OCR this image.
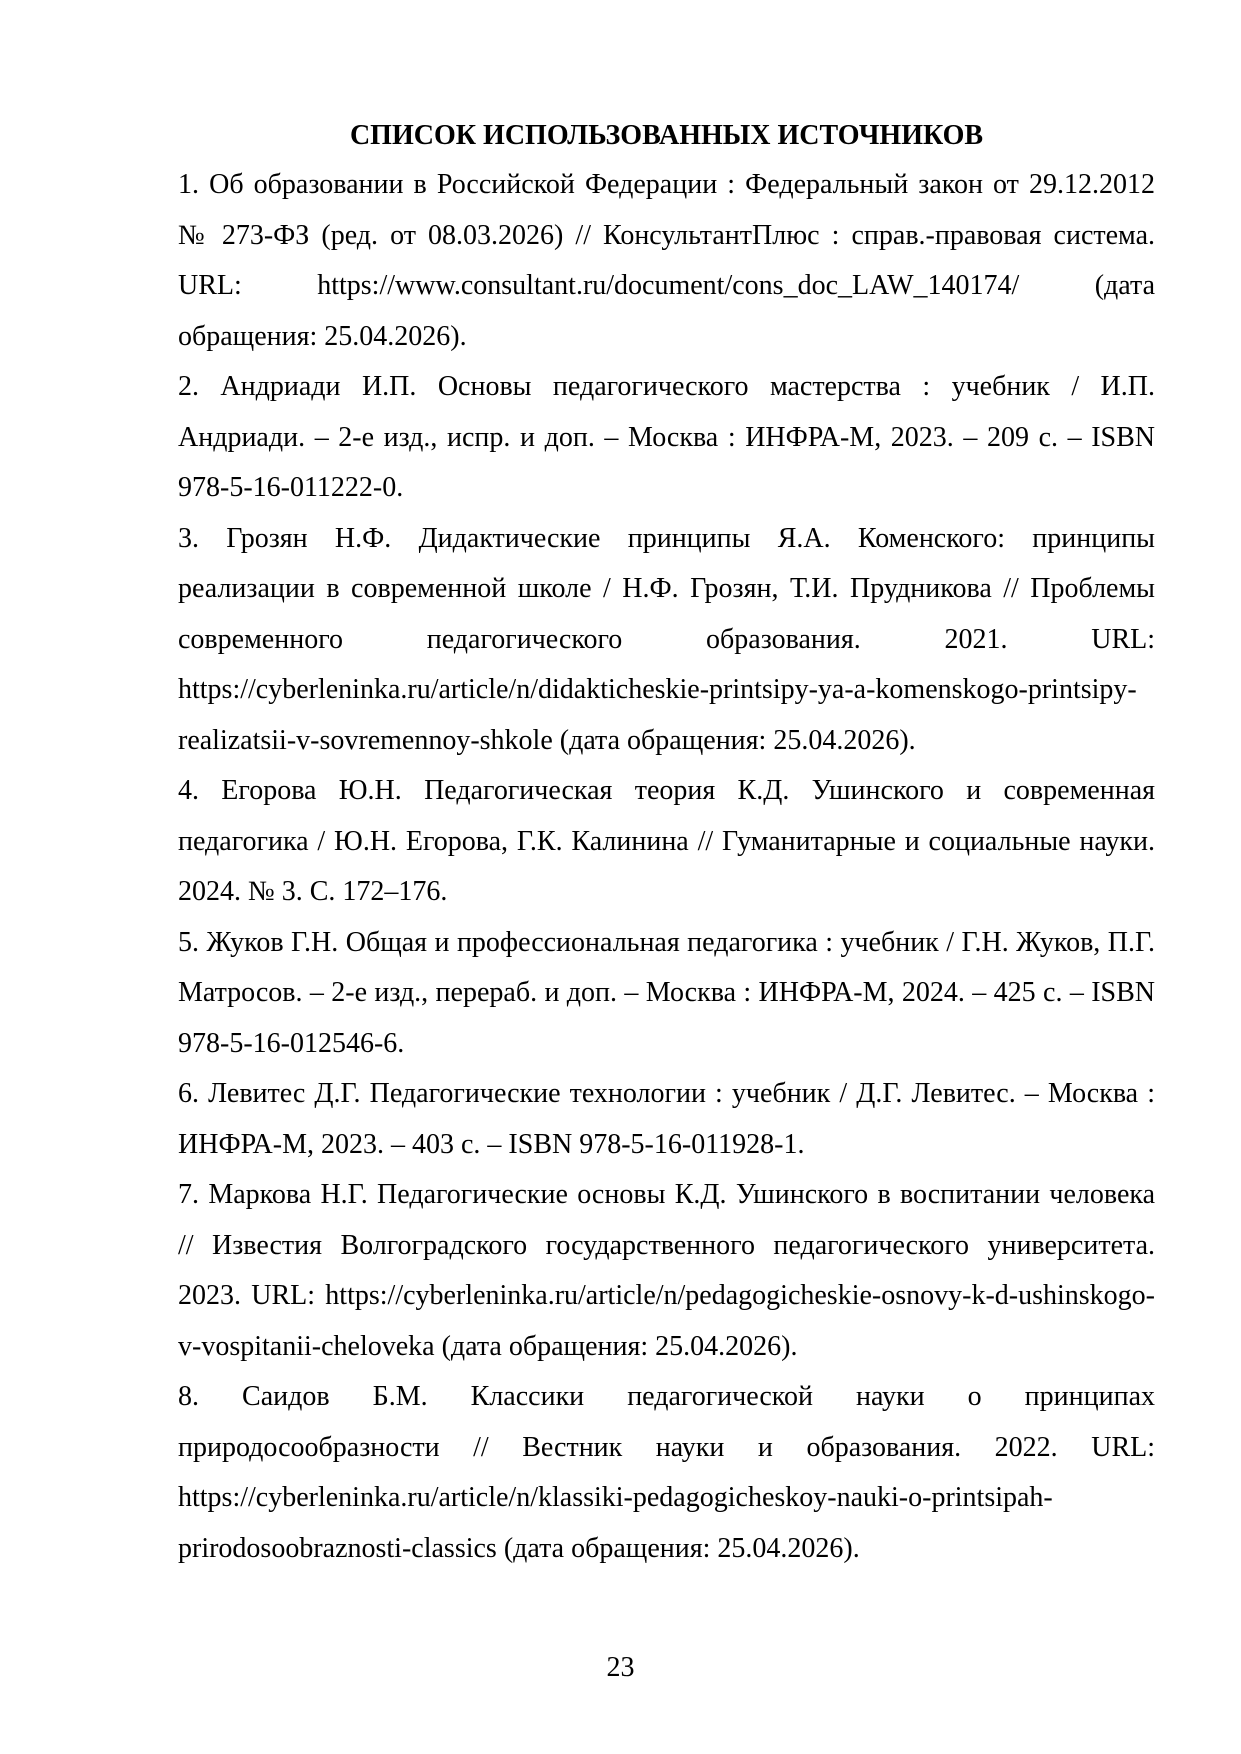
СПИСОК ИСПОЛЬЗОВАННЫХ ИСТОЧНИКОВ
1. Об образовании в Российской Федерации : Федеральный закон от 29.12.2012 № 273-ФЗ (ред. от 08.03.2026) // КонсультантПлюс : справ.-правовая система. URL: https://www.consultant.ru/document/cons_doc_LAW_140174/ (дата обращения: 25.04.2026).
2. Андриади И.П. Основы педагогического мастерства : учебник / И.П. Андриади. – 2-е изд., испр. и доп. – Москва : ИНФРА-М, 2023. – 209 с. – ISBN 978-5-16-011222-0.
3. Грозян Н.Ф. Дидактические принципы Я.А. Коменского: принципы реализации в современной школе / Н.Ф. Грозян, Т.И. Прудникова // Проблемы современного педагогического образования. 2021. URL: https://cyberleninka.ru/article/n/didakticheskie-printsipy-ya-a-komenskogo-printsipy-realizatsii-v-sovremennoy-shkole (дата обращения: 25.04.2026).
4. Егорова Ю.Н. Педагогическая теория К.Д. Ушинского и современная педагогика / Ю.Н. Егорова, Г.К. Калинина // Гуманитарные и социальные науки. 2024. № 3. С. 172–176.
5. Жуков Г.Н. Общая и профессиональная педагогика : учебник / Г.Н. Жуков, П.Г. Матросов. – 2-е изд., перераб. и доп. – Москва : ИНФРА-М, 2024. – 425 с. – ISBN 978-5-16-012546-6.
6. Левитес Д.Г. Педагогические технологии : учебник / Д.Г. Левитес. – Москва : ИНФРА-М, 2023. – 403 с. – ISBN 978-5-16-011928-1.
7. Маркова Н.Г. Педагогические основы К.Д. Ушинского в воспитании человека // Известия Волгоградского государственного педагогического университета. 2023. URL: https://cyberleninka.ru/article/n/pedagogicheskie-osnovy-k-d-ushinskogo-v-vospitanii-cheloveka (дата обращения: 25.04.2026).
8. Саидов Б.М. Классики педагогической науки о принципах природосообразности // Вестник науки и образования. 2022. URL: https://cyberleninka.ru/article/n/klassiki-pedagogicheskoy-nauki-o-printsipah-prirodosoobraznosti-classics (дата обращения: 25.04.2026).
23
